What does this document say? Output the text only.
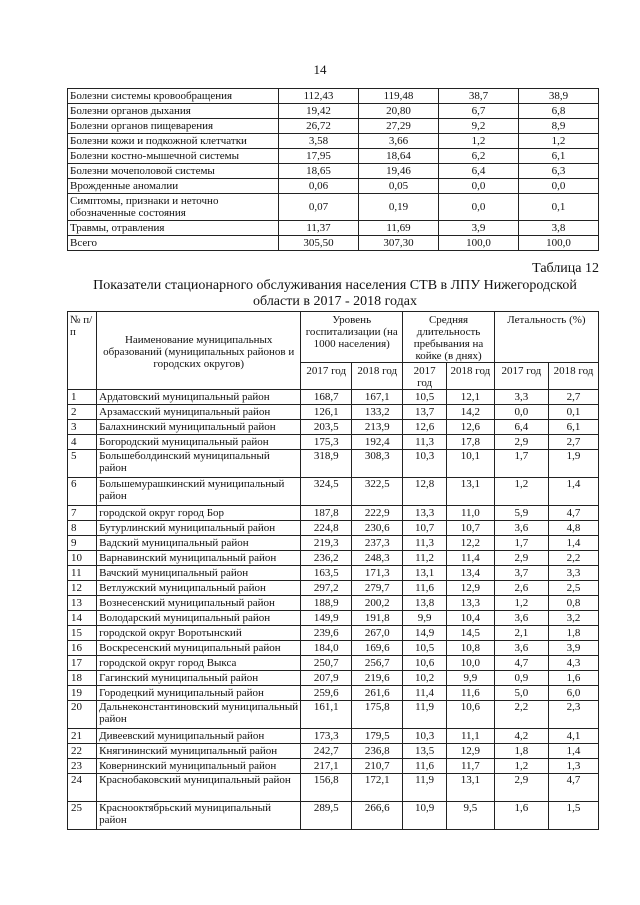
14
Болезни системы кровообращения	112,43	119,48	38,7	38,9
Болезни органов дыхания	19,42	20,80	6,7	6,8
Болезни органов пищеварения	26,72	27,29	9,2	8,9
Болезни кожи и подкожной клетчатки	3,58	3,66	1,2	1,2
Болезни костно-мышечной системы	17,95	18,64	6,2	6,1
Болезни мочеполовой системы	18,65	19,46	6,4	6,3
Врожденные аномалии	0,06	0,05	0,0	0,0
Симптомы, признаки и неточно обозначенные состояния	0,07	0,19	0,0	0,1
Травмы, отравления	11,37	11,69	3,9	3,8
Всего	305,50	307,30	100,0	100,0
Таблица 12
Показатели стационарного обслуживания населения СТВ в ЛПУ Нижегородской области в 2017 - 2018 годах
№ п/п	Наименование муниципальных образований (муниципальных районов и городских округов)	Уровень госпитализации (на 1000 населения)		Средняя длительность пребывания на койке (в днях)		Летальность (%)	
		2017 год	2018 год	2017 год	2018 год	2017 год	2018 год
1	Ардатовский муниципальный район	168,7	167,1	10,5	12,1	3,3	2,7
2	Арзамасский муниципальный район	126,1	133,2	13,7	14,2	0,0	0,1
3	Балахнинский муниципальный район	203,5	213,9	12,6	12,6	6,4	6,1
4	Богородский муниципальный район	175,3	192,4	11,3	17,8	2,9	2,7
5	Большеболдинский муниципальный район	318,9	308,3	10,3	10,1	1,7	1,9
6	Большемурашкинский муниципальный район	324,5	322,5	12,8	13,1	1,2	1,4
7	городской округ город Бор	187,8	222,9	13,3	11,0	5,9	4,7
8	Бутурлинский муниципальный район	224,8	230,6	10,7	10,7	3,6	4,8
9	Вадский муниципальный район	219,3	237,3	11,3	12,2	1,7	1,4
10	Варнавинский муниципальный район	236,2	248,3	11,2	11,4	2,9	2,2
11	Вачский муниципальный район	163,5	171,3	13,1	13,4	3,7	3,3
12	Ветлужский муниципальный район	297,2	279,7	11,6	12,9	2,6	2,5
13	Вознесенский муниципальный район	188,9	200,2	13,8	13,3	1,2	0,8
14	Володарский муниципальный район	149,9	191,8	9,9	10,4	3,6	3,2
15	городской округ Воротынский	239,6	267,0	14,9	14,5	2,1	1,8
16	Воскресенский муниципальный район	184,0	169,6	10,5	10,8	3,6	3,9
17	городской округ город Выкса	250,7	256,7	10,6	10,0	4,7	4,3
18	Гагинский муниципальный район	207,9	219,6	10,2	9,9	0,9	1,6
19	Городецкий муниципальный район	259,6	261,6	11,4	11,6	5,0	6,0
20	Дальнеконстантиновский муниципальный район	161,1	175,8	11,9	10,6	2,2	2,3
21	Дивеевский муниципальный район	173,3	179,5	10,3	11,1	4,2	4,1
22	Княгининский муниципальный район	242,7	236,8	13,5	12,9	1,8	1,4
23	Ковернинский муниципальный район	217,1	210,7	11,6	11,7	1,2	1,3
24	Краснобаковский муниципальный район	156,8	172,1	11,9	13,1	2,9	4,7
25	Краснооктябрьский муниципальный район	289,5	266,6	10,9	9,5	1,6	1,5
